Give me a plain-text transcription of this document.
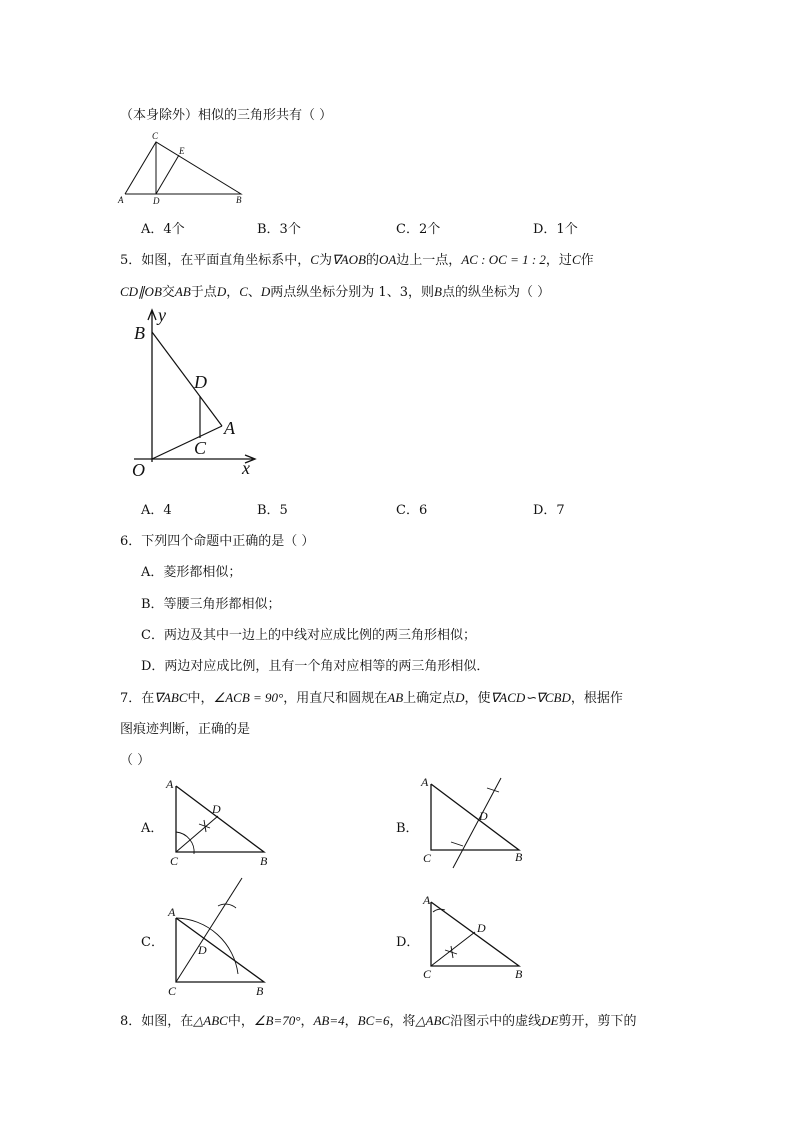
（本身除外）相似的三角形共有（ ）
C
E
A	D	B
A．4个	B．3个	C．2个	D．1个
5．如图，在平面直角坐标系中，C为∇AOB的OA边上一点，AC : OC = 1 : 2，过C作
CD∥OB交AB于点D，C、D两点纵坐标分别为 1、3，则B点的纵坐标为（ ）
B
y
D
A
C
O	x
A．4	B．5	C．6	D．7
6．下列四个命题中正确的是（ ）
A．菱形都相似；
B．等腰三角形都相似；
C．两边及其中一边上的中线对应成比例的两三角形相似；
D．两边对应成比例，且有一个角对应相等的两三角形相似．
7．在∇ABC中，∠ACB = 90°，用直尺和圆规在AB上确定点D，使∇ACD∽∇CBD，根据作
图痕迹判断，正确的是
（ ）
A．
A
D
C	B
B．
A
D
C	B
C．
A
D
C	B
D．
A
D
C	B
8．如图，在△ABC中，∠B=70°，AB=4，BC=6，将△ABC沿图示中的虚线DE剪开，剪下的
